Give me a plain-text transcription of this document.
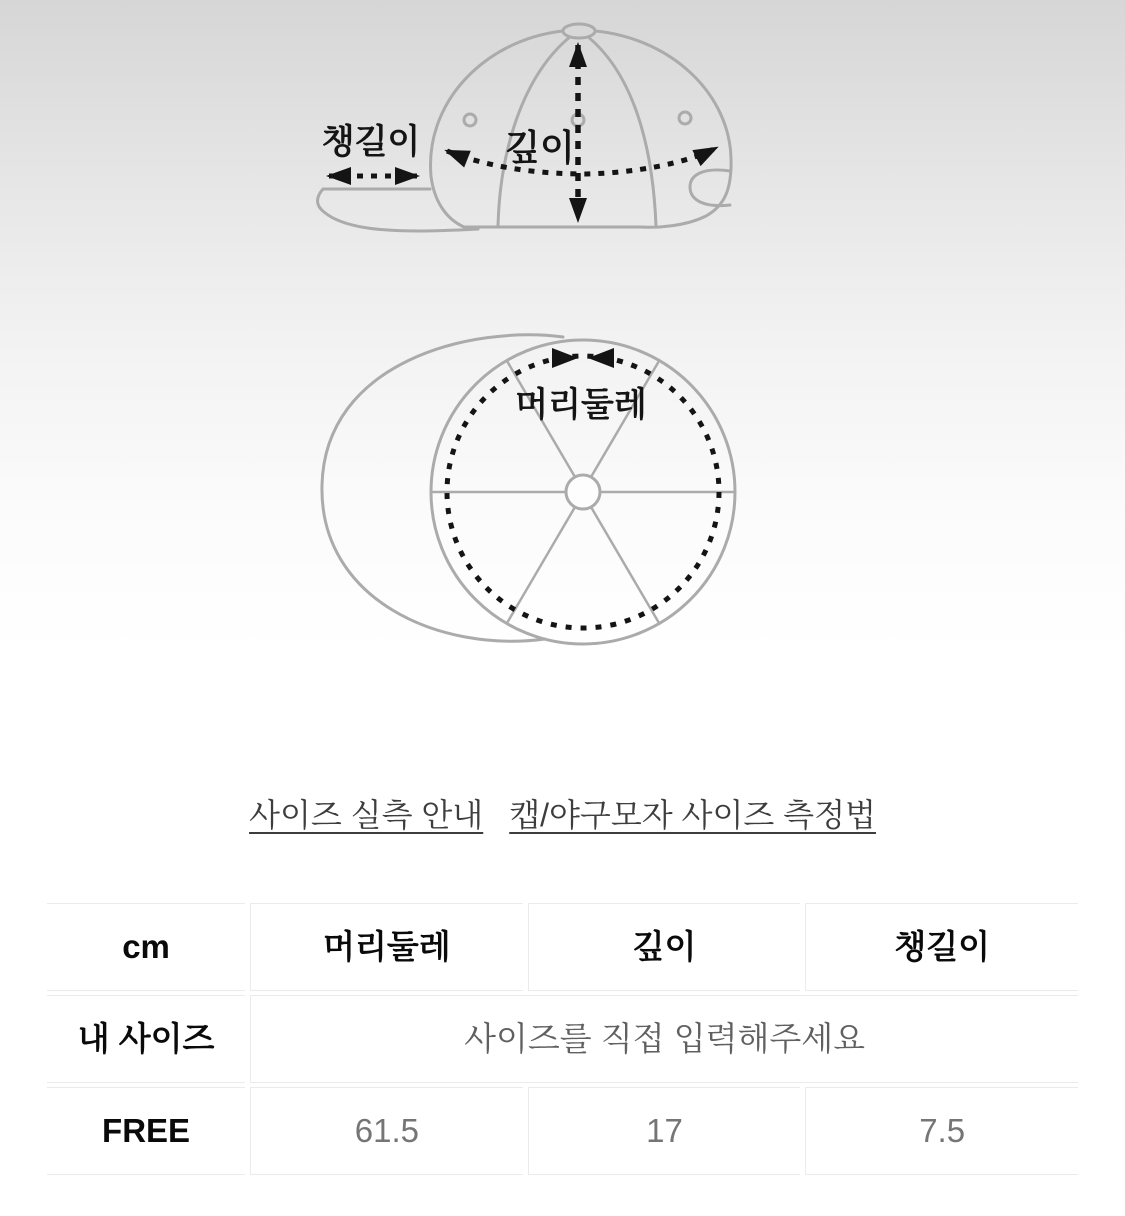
챙길이 깊이
머리둘레
사이즈 실측 안내 캡/야구모자 사이즈 측정법
cm	머리둘레	깊이	챙길이
내 사이즈	사이즈를 직접 입력해주세요		
FREE	61.5	17	7.5
